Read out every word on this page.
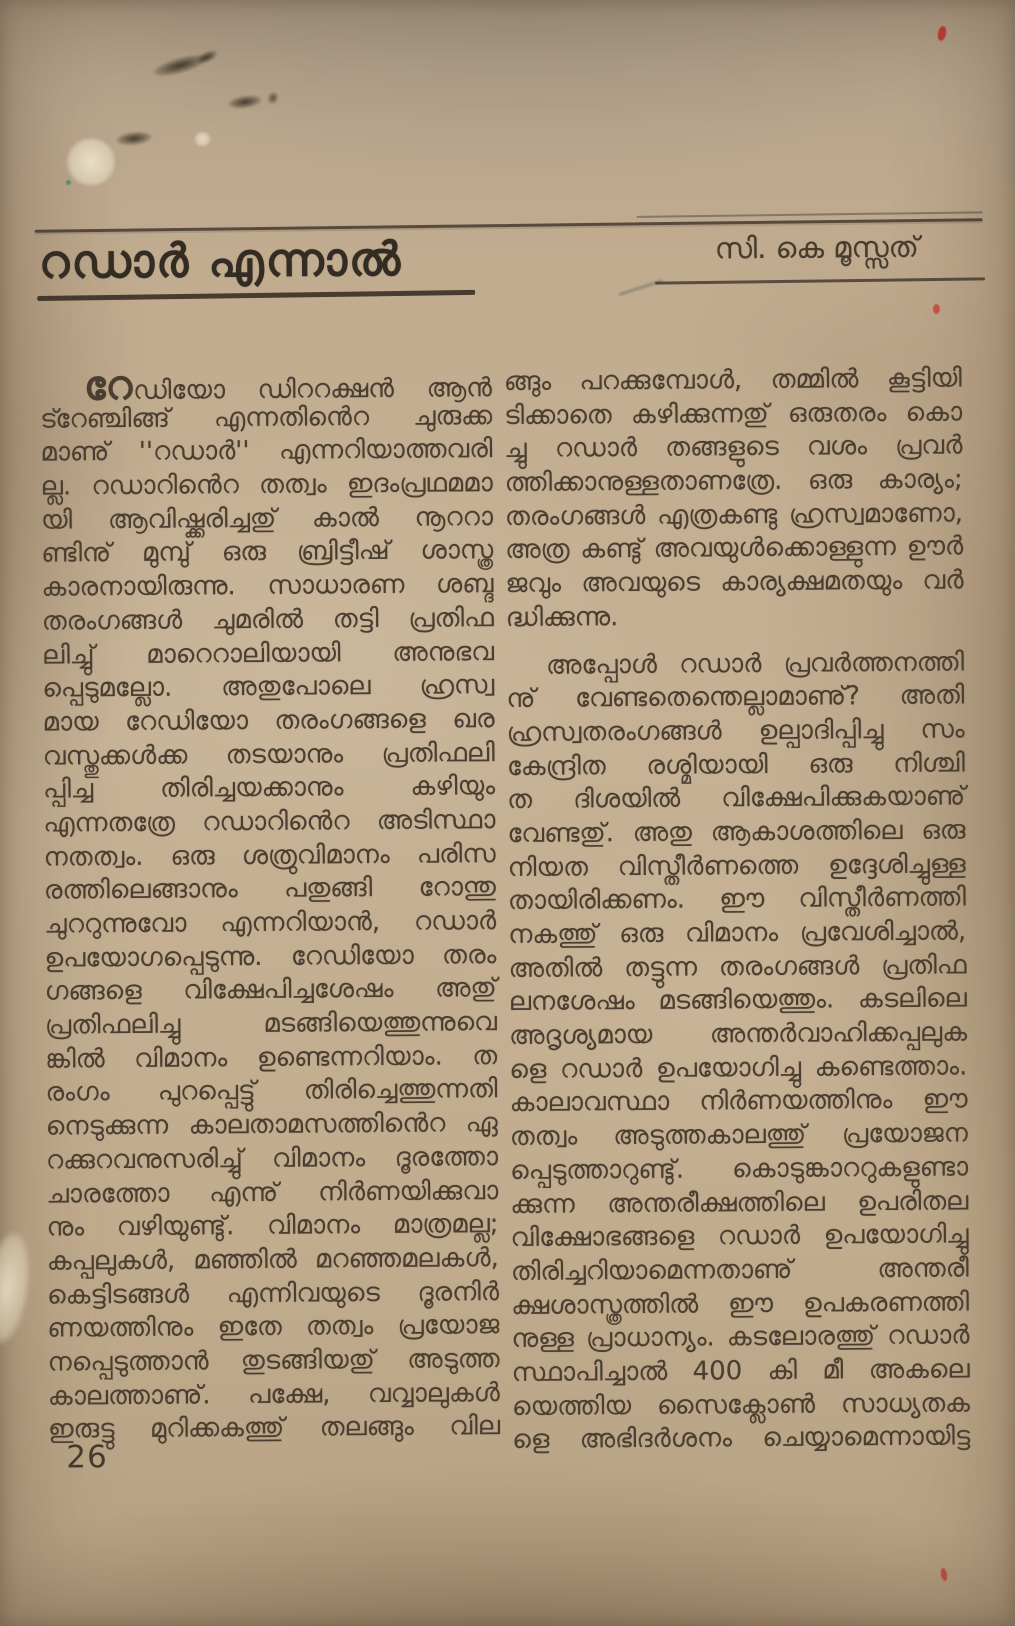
റഡാർ എന്നാൽ	സി. കെ മൂസ്സത്
റേഡിയോ ഡിററക്ഷൻ ആൻ
ട്റേഞ്ചിങ്ങ് എന്നതിൻെറ ചുരുക്ക
മാണു് ''റഡാർ'' എന്നറിയാത്തവരി
ല്ല. റഡാറിൻെറ തത്വം ഇദംപ്രഥമമാ
യി ആവിഷ്ക്കരിച്ചതു് കാൽ നൂററാ
ണ്ടിനു് മുമ്പു് ഒരു ബ്രിട്ടീഷ് ശാസ്ത്ര
കാരനായിരുന്നു. സാധാരണ ശബ്ദ
തരംഗങ്ങൾ ചുമരിൽ തട്ടി പ്രതിഫ
ലിച്ചു് മാറെറാലിയായി അനുഭവ
പ്പെടുമല്ലോ. അതുപോലെ ഹ്രസ്വ
മായ റേഡിയോ തരംഗങ്ങളെ ഖര
വസ്തുക്കൾക്ക തടയാനും പ്രതിഫലി
പ്പിച്ച തിരിച്ചയക്കാനും കഴിയും
എന്നതത്രേ റഡാറിൻെറ അടിസ്ഥാ
നതത്വം. ഒരു ശത്രുവിമാനം പരിസ
രത്തിലെങ്ങാനും പതുങ്ങി റോന്തു
ചുററുന്നുവോ എന്നറിയാൻ, റഡാർ
ഉപയോഗപ്പെടുന്നു. റേഡിയോ തരം
ഗങ്ങളെ വിക്ഷേപിച്ചശേഷം അതു്
പ്രതിഫലിച്ചു മടങ്ങിയെത്തുന്നുവെ
ങ്കിൽ വിമാനം ഉണ്ടെന്നറിയാം. ത
രംഗം പുറപ്പെട്ടു് തിരിച്ചെത്തുന്നതി
നെടുക്കുന്ന കാലതാമസത്തിൻെറ ഏ
റക്കുറവനുസരിച്ചു് വിമാനം ദൂരത്തോ
ചാരത്തോ എന്നു് നിർണയിക്കുവാ
നും വഴിയുണ്ടു്. വിമാനം മാത്രമല്ല;
കപ്പലുകൾ, മഞ്ഞിൽ മറഞ്ഞമലകൾ,
കെട്ടിടങ്ങൾ എന്നിവയുടെ ദൂരനിർ
ണയത്തിനും ഇതേ തത്വം പ്രയോജ
നപ്പെടുത്താൻ തുടങ്ങിയതു് അടുത്ത
കാലത്താണു്. പക്ഷേ, വവ്വാലുകൾ
ഇരുട്ടു മുറിക്കകത്തു് തലങ്ങും വില
ങ്ങും പറക്കുമ്പോൾ, തമ്മിൽ കൂട്ടിയി
ടിക്കാതെ കഴിക്കുന്നതു് ഒരുതരം കൊ
ച്ചു റഡാർ തങ്ങളുടെ വശം പ്രവർ
ത്തിക്കാനുള്ളതാണത്രേ. ഒരു കാര്യം;
തരംഗങ്ങൾ എത്രകണ്ടു ഹ്രസ്വമാണോ,
അത്ര കണ്ടു് അവയുൾക്കൊള്ളുന്ന ഊർ
ജവും അവയുടെ കാര്യക്ഷമതയും വർ
ദ്ധിക്കുന്നു.
അപ്പോൾ റഡാർ പ്രവർത്തനത്തി
നു് വേണ്ടതെന്തെല്ലാമാണു്? അതി
ഹ്രസ്വതരംഗങ്ങൾ ഉല്പാദിപ്പിച്ചു സം
കേന്ദ്രിത രശ്മിയായി ഒരു നിശ്ചി
ത ദിശയിൽ വിക്ഷേപിക്കുകയാണു്
വേണ്ടതു്. അതു ആകാശത്തിലെ ഒരു
നിയത വിസ്തീർണത്തെ ഉദ്ദേശിച്ചുള്ള
തായിരിക്കണം. ഈ വിസ്തീർണത്തി
നകത്തു് ഒരു വിമാനം പ്രവേശിച്ചാൽ,
അതിൽ തട്ടുന്ന തരംഗങ്ങൾ പ്രതിഫ
ലനശേഷം മടങ്ങിയെത്തും. കടലിലെ
അദൃശ്യമായ അന്തർവാഹിക്കപ്പലുക
ളെ റഡാർ ഉപയോഗിച്ചു കണ്ടെത്താം.
കാലാവസ്ഥാ നിർണയത്തിനും ഈ
തത്വം അടുത്തകാലത്തു് പ്രയോജന
പ്പെടുത്താറുണ്ടു്. കൊടുങ്കാററുകളുണ്ടാ
ക്കുന്ന അന്തരീക്ഷത്തിലെ ഉപരിതല
വിക്ഷോഭങ്ങളെ റഡാർ ഉപയോഗിച്ചു
തിരിച്ചറിയാമെന്നതാണു് അന്തരീ
ക്ഷശാസ്ത്രത്തിൽ ഈ ഉപകരണത്തി
നുള്ള പ്രാധാന്യം. കടലോരത്തു് റഡാർ
സ്ഥാപിച്ചാൽ 400 കി മീ അകലെ
യെത്തിയ സൈക്ലോൺ സാധ്യതക
ളെ അഭിദർശനം ചെയ്യാമെന്നായിട്ട
26
